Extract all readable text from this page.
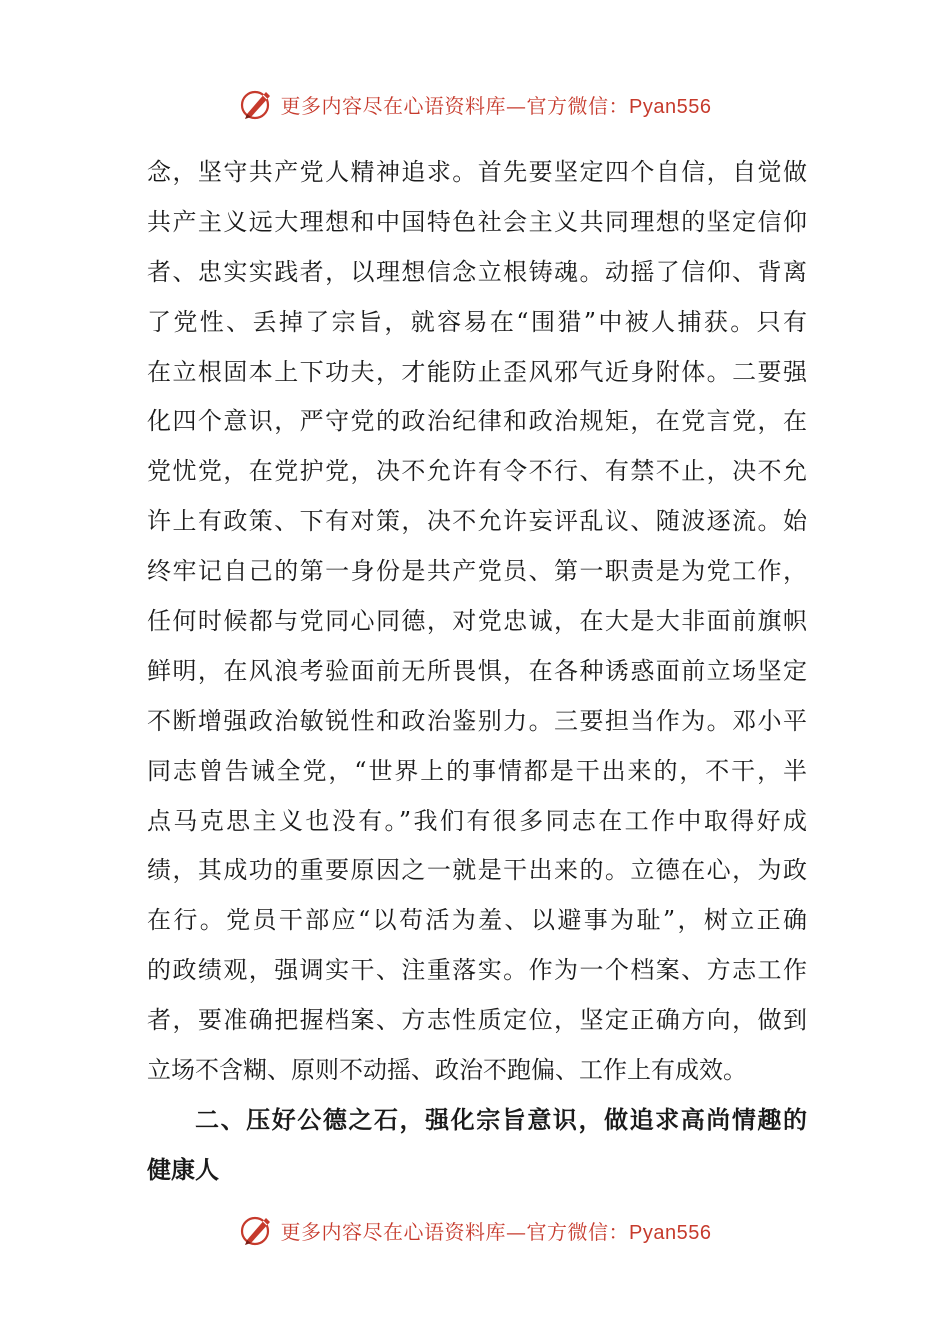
更多内容尽在心语资料库—官方微信：Pyan556
念，坚守共产党人精神追求。首先要坚定四个自信，自觉做
共产主义远大理想和中国特色社会主义共同理想的坚定信仰
者、忠实实践者，以理想信念立根铸魂。动摇了信仰、背离
了党性、丢掉了宗旨，就容易在“围猎”中被人捕获。只有
在立根固本上下功夫，才能防止歪风邪气近身附体。二要强
化四个意识，严守党的政治纪律和政治规矩，在党言党，在
党忧党，在党护党，决不允许有令不行、有禁不止，决不允
许上有政策、下有对策，决不允许妄评乱议、随波逐流。始
终牢记自己的第一身份是共产党员、第一职责是为党工作，
任何时候都与党同心同德，对党忠诚，在大是大非面前旗帜
鲜明，在风浪考验面前无所畏惧，在各种诱惑面前立场坚定
不断增强政治敏锐性和政治鉴别力。三要担当作为。邓小平
同志曾告诫全党，“世界上的事情都是干出来的，不干，半
点马克思主义也没有。”我们有很多同志在工作中取得好成
绩，其成功的重要原因之一就是干出来的。立德在心，为政
在行。党员干部应“以苟活为羞、以避事为耻”，树立正确
的政绩观，强调实干、注重落实。作为一个档案、方志工作
者，要准确把握档案、方志性质定位，坚定正确方向，做到
立场不含糊、原则不动摇、政治不跑偏、工作上有成效。
二、压好公德之石，强化宗旨意识，做追求高尚情趣的
健康人
更多内容尽在心语资料库—官方微信：Pyan556
